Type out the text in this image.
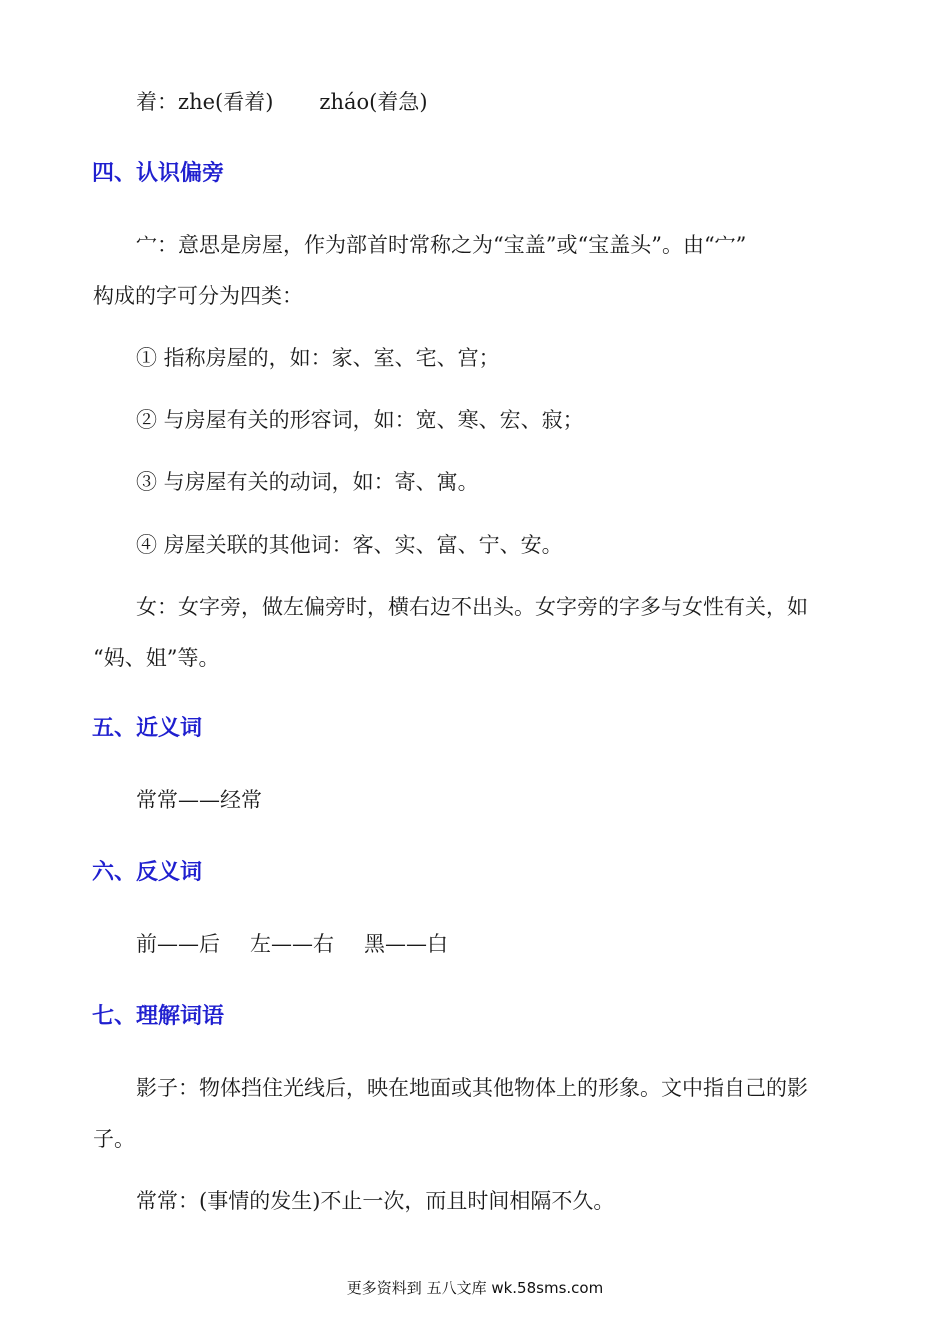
着：zhe(看着) zháo(着急)
四、认识偏旁
宀：意思是房屋，作为部首时常称之为“宝盖”或“宝盖头”。由“宀”
构成的字可分为四类：
① 指称房屋的，如：家、室、宅、宫；
② 与房屋有关的形容词，如：宽、寒、宏、寂；
③ 与房屋有关的动词，如：寄、寓。
④ 房屋关联的其他词：客、实、富、宁、安。
女：女字旁，做左偏旁时，横右边不出头。女字旁的字多与女性有关，如
“妈、姐”等。
五、近义词
常常——经常
六、反义词
前——后 左——右 黑——白
七、理解词语
影子：物体挡住光线后，映在地面或其他物体上的形象。文中指自己的影
子。
常常：(事情的发生)不止一次，而且时间相隔不久。
更多资料到 五八文库 wk.58sms.com
